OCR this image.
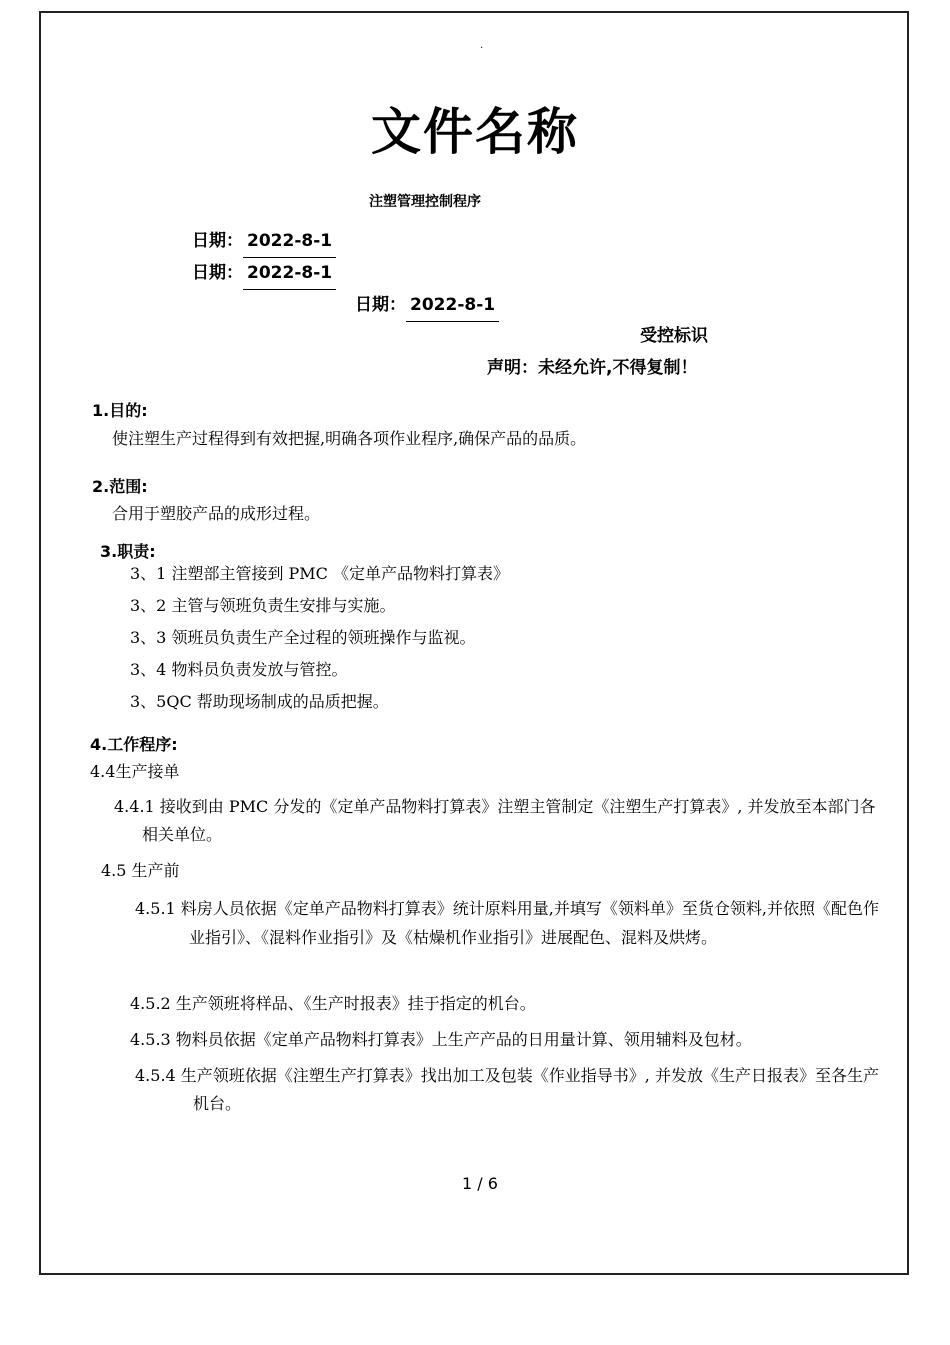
.
文件名称
注塑管理控制程序
日期： 2022-8-1
日期： 2022-8-1
日期： 2022-8-1
受控标识
声明：未经允许,不得复制！
1.目的:
使注塑生产过程得到有效把握,明确各项作业程序,确保产品的品质。
2.范围:
合用于塑胶产品的成形过程。
3.职责:
3、1 注塑部主管接到 PMC 《定单产品物料打算表》
3、2 主管与领班负责生安排与实施。
3、3 领班员负责生产全过程的领班操作与监视。
3、4 物料员负责发放与管控。
3、5QC 帮助现场制成的品质把握。
4.工作程序:
4.4生产接单
4.4.1 接收到由 PMC 分发的《定单产品物料打算表》注塑主管制定《注塑生产打算表》, 并发放至本部门各相关单位。
4.5 生产前
4.5.1 料房人员依据《定单产品物料打算表》统计原料用量,并填写《领料单》至货仓领料,并依照《配色作业指引》、《混料作业指引》及《枯燥机作业指引》进展配色、混料及烘烤。
4.5.2 生产领班将样品、《生产时报表》挂于指定的机台。
4.5.3 物料员依据《定单产品物料打算表》上生产产品的日用量计算、领用辅料及包材。
4.5.4 生产领班依据《注塑生产打算表》找出加工及包装《作业指导书》, 并发放《生产日报表》至各生产机台。
1 / 6
